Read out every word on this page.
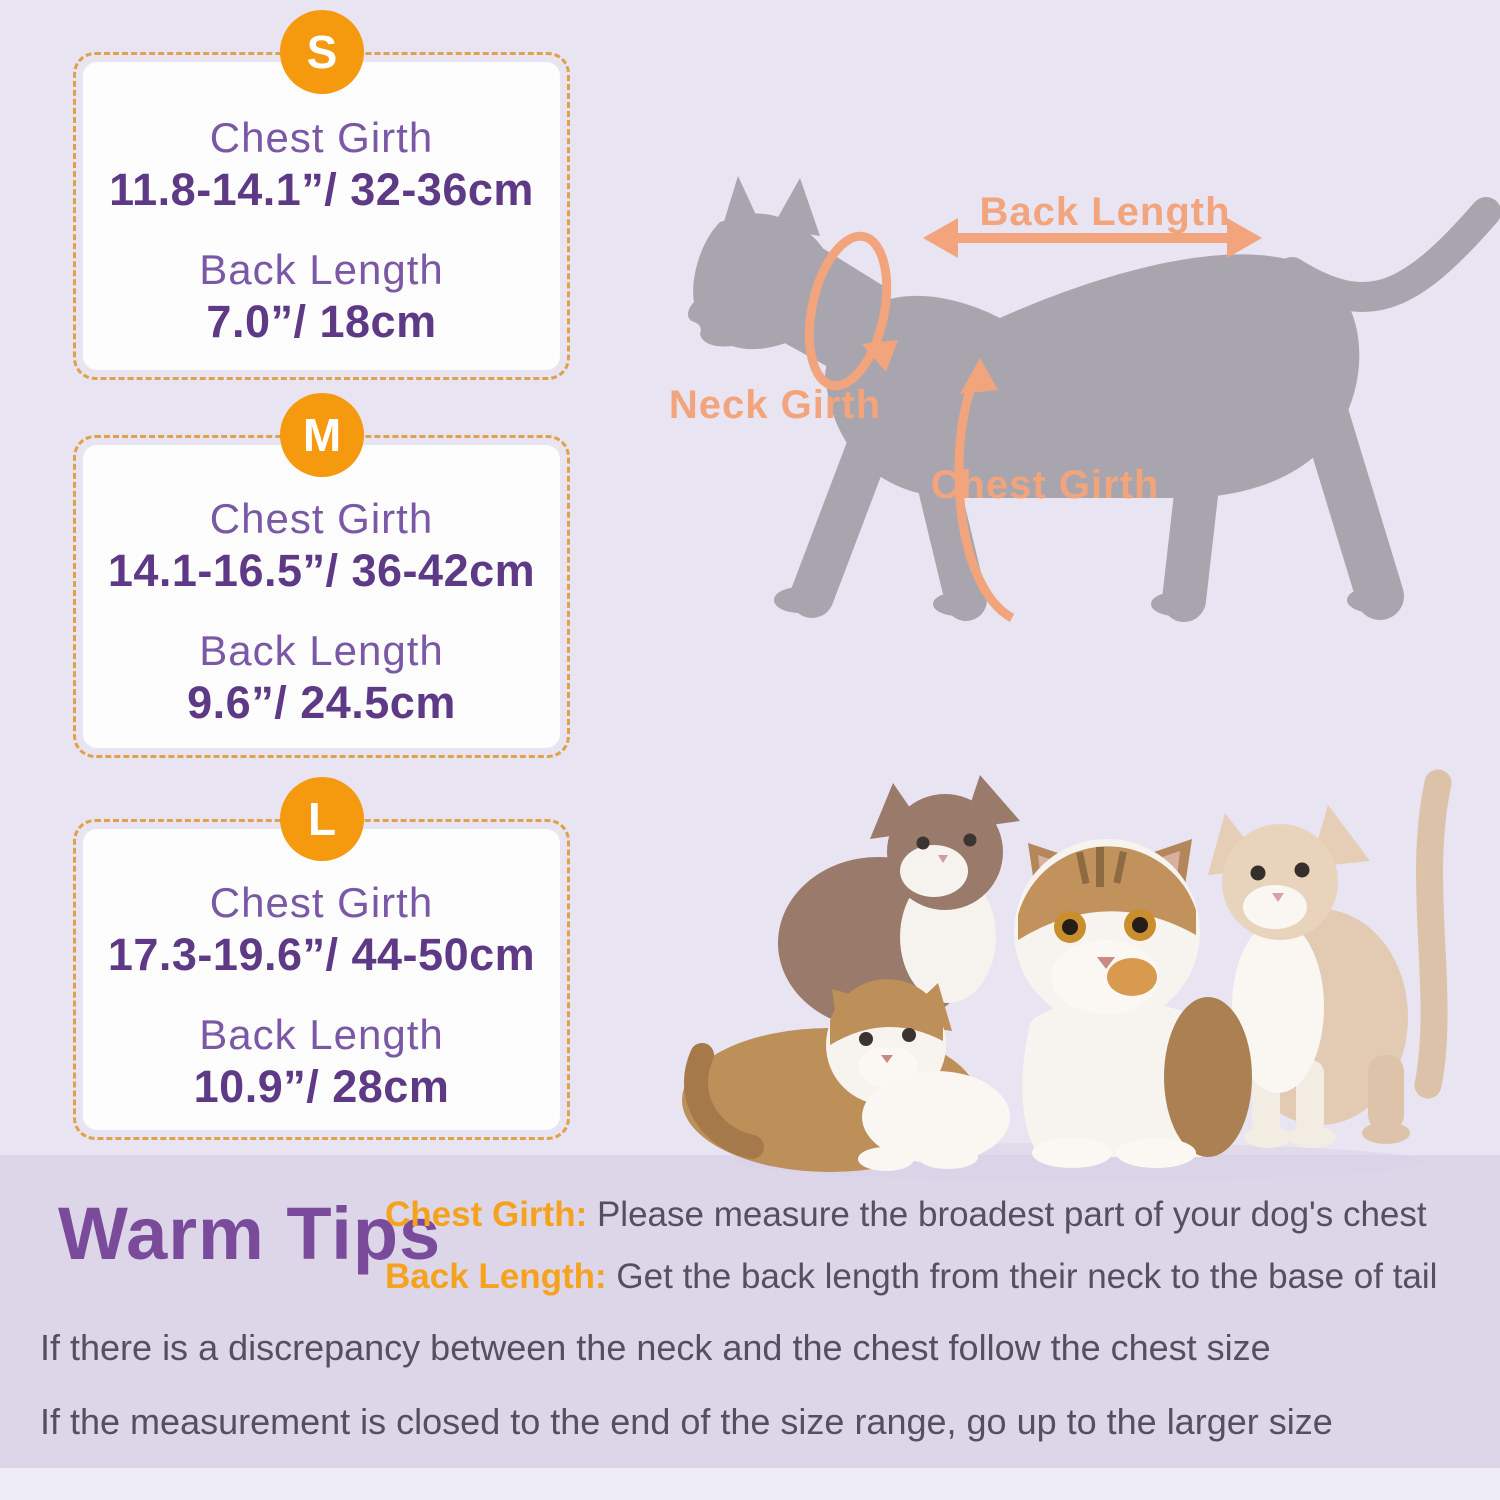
S
Chest Girth
11.8-14.1”/ 32-36cm
Back Length
7.0”/ 18cm
M
Chest Girth
14.1-16.5”/ 36-42cm
Back Length
9.6”/ 24.5cm
L
Chest Girth
17.3-19.6”/ 44-50cm
Back Length
10.9”/ 28cm
Back Length
Neck Girth
Chest Girth
Warm Tips
Chest Girth: Please measure the broadest part of your dog's chest
Back Length: Get the back length from their neck to the base of tail
If there is a discrepancy between the neck and the chest follow the chest size
If the measurement is closed to the end of the size range, go up to the larger size
